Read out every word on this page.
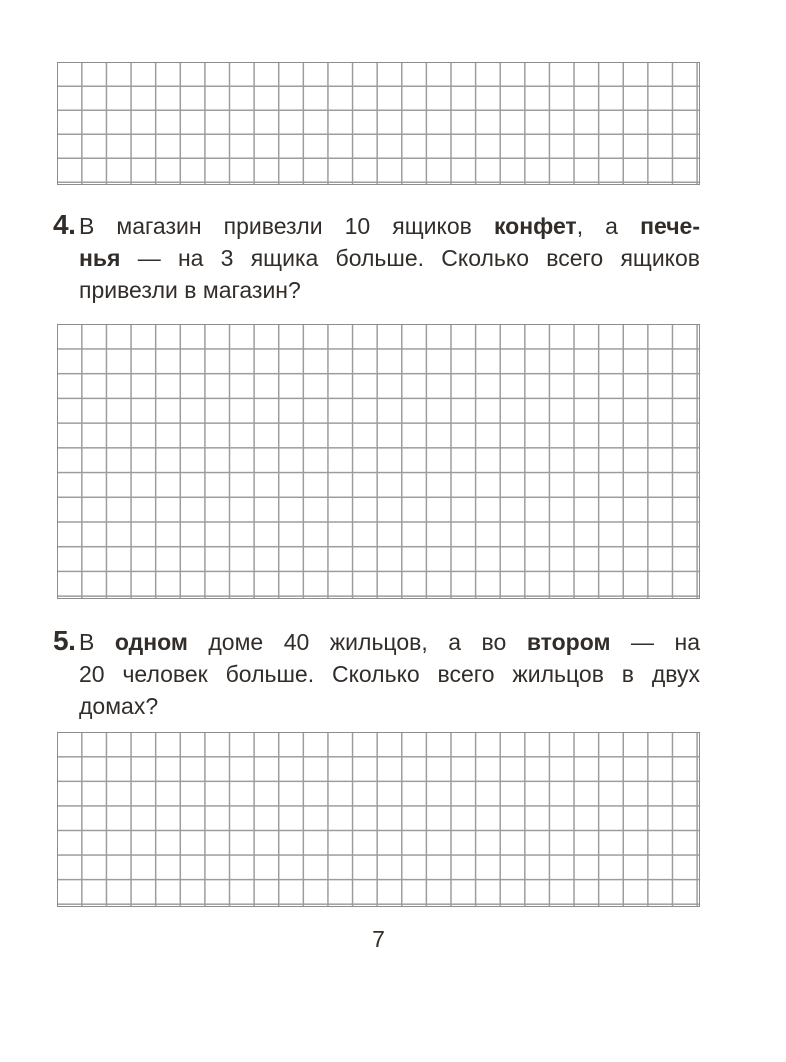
4. В магазин привезли 10 ящиков конфет, а пече-
нья — на 3 ящика больше. Сколько всего ящиков
привезли в магазин?
5. В одном доме 40 жильцов, а во втором — на
20 человек больше. Сколько всего жильцов в двух
домах?
7
